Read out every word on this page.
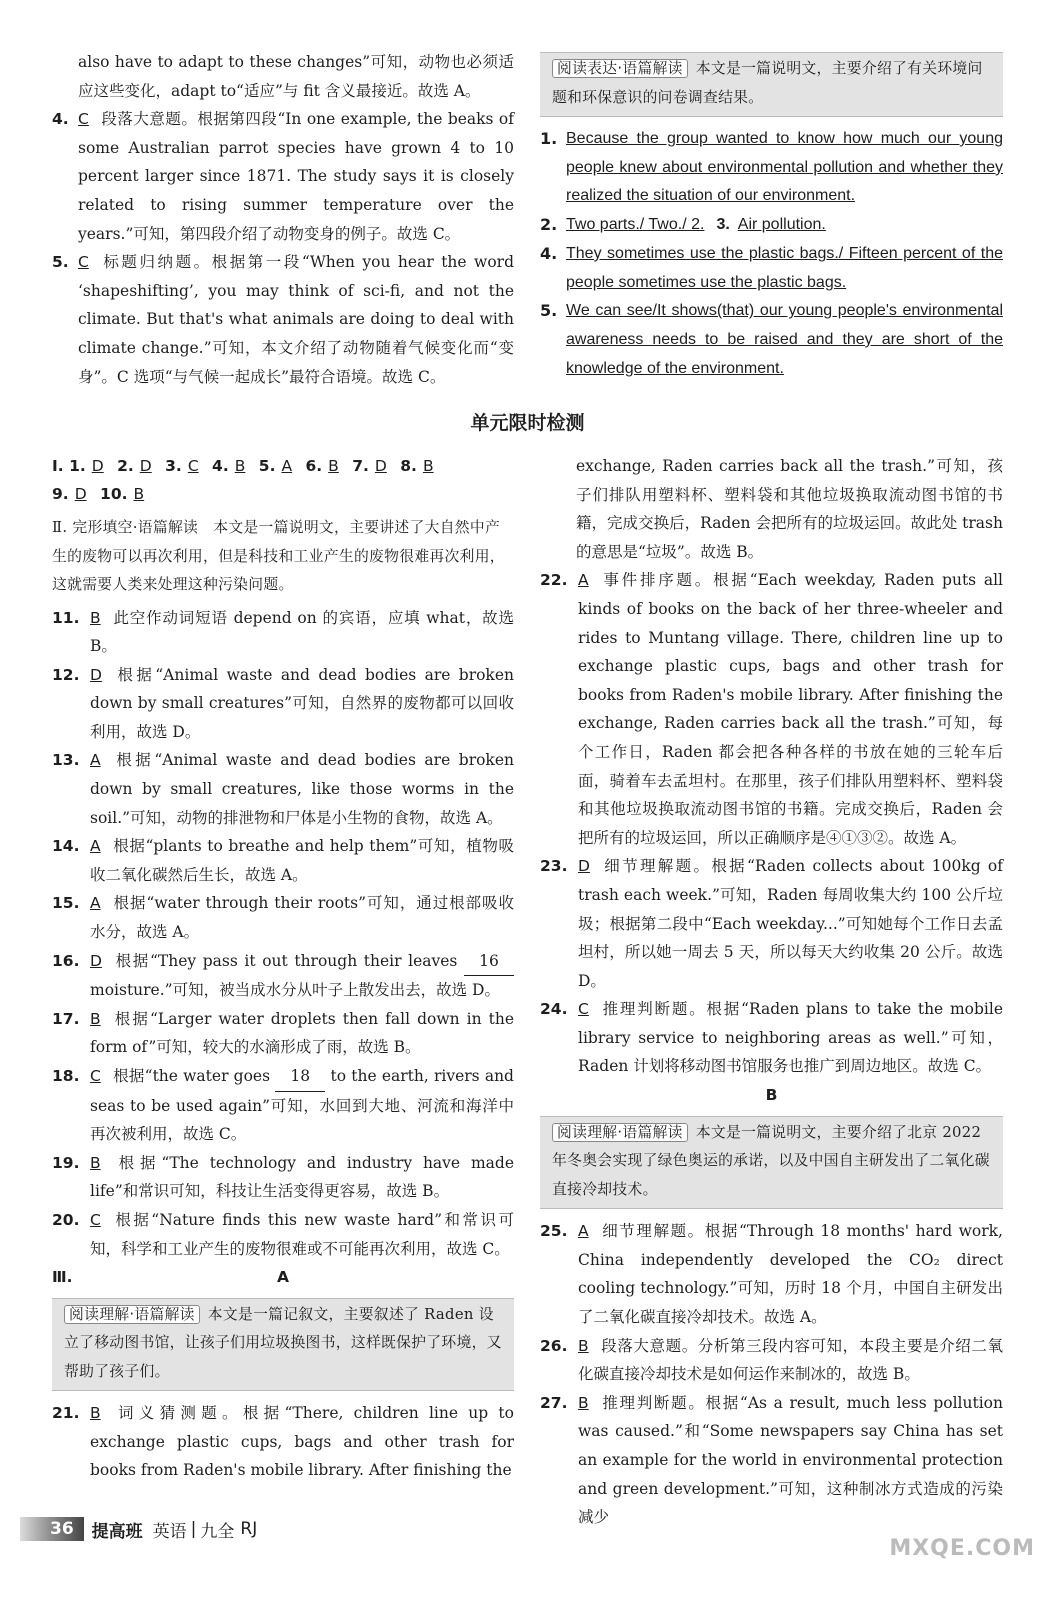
also have to adapt to these changes”可知，动物也必须适应这些变化，adapt to“适应”与 fit 含义最接近。故选 A。
4. C 段落大意题。根据第四段“In one example, the beaks of some Australian parrot species have grown 4 to 10 percent larger since 1871. The study says it is closely related to rising summer temperature over the years.”可知，第四段介绍了动物变身的例子。故选 C。
5. C 标题归纳题。根据第一段“When you hear the word ‘shapeshifting’, you may think of sci-fi, and not the climate. But that's what animals are doing to deal with climate change.”可知，本文介绍了动物随着气候变化而“变身”。C 选项“与气候一起成长”最符合语境。故选 C。
阅读表达·语篇解读 本文是一篇说明文，主要介绍了有关环境问题和环保意识的问卷调查结果。
1. Because the group wanted to know how much our young people knew about environmental pollution and whether they realized the situation of our environment.
2. Two parts./ Two./ 2. 3. Air pollution.
4. They sometimes use the plastic bags./ Fifteen percent of the people sometimes use the plastic bags.
5. We can see/It shows(that) our young people's environmental awareness needs to be raised and they are short of the knowledge of the environment.
单元限时检测
Ⅰ. 1. D 2. D 3. C 4. B 5. A 6. B 7. D 8. B
9. D 10. B
Ⅱ. 完形填空·语篇解读　本文是一篇说明文，主要讲述了大自然中产生的废物可以再次利用，但是科技和工业产生的废物很难再次利用，这就需要人类来处理这种污染问题。
11. B 此空作动词短语 depend on 的宾语，应填 what，故选 B。
12. D 根据“Animal waste and dead bodies are broken down by small creatures”可知，自然界的废物都可以回收利用，故选 D。
13. A 根据“Animal waste and dead bodies are broken down by small creatures, like those worms in the soil.”可知，动物的排泄物和尸体是小生物的食物，故选 A。
14. A 根据“plants to breathe and help them”可知，植物吸收二氧化碳然后生长，故选 A。
15. A 根据“water through their roots”可知，通过根部吸收水分，故选 A。
16. D 根据“They pass it out through their leaves 16 moisture.”可知，被当成水分从叶子上散发出去，故选 D。
17. B 根据“Larger water droplets then fall down in the form of”可知，较大的水滴形成了雨，故选 B。
18. C 根据“the water goes 18 to the earth, rivers and seas to be used again”可知，水回到大地、河流和海洋中再次被利用，故选 C。
19. B 根据“The technology and industry have made life”和常识可知，科技让生活变得更容易，故选 B。
20. C 根据“Nature finds this new waste hard”和常识可知，科学和工业产生的废物很难或不可能再次利用，故选 C。
Ⅲ.	A
阅读理解·语篇解读 本文是一篇记叙文，主要叙述了 Raden 设立了移动图书馆，让孩子们用垃圾换图书，这样既保护了环境，又帮助了孩子们。
21. B 词义猜测题。根据“There, children line up to exchange plastic cups, bags and other trash for books from Raden's mobile library. After finishing the
exchange, Raden carries back all the trash.”可知，孩子们排队用塑料杯、塑料袋和其他垃圾换取流动图书馆的书籍，完成交换后，Raden 会把所有的垃圾运回。故此处 trash 的意思是“垃圾”。故选 B。
22. A 事件排序题。根据“Each weekday, Raden puts all kinds of books on the back of her three-wheeler and rides to Muntang village. There, children line up to exchange plastic cups, bags and other trash for books from Raden's mobile library. After finishing the exchange, Raden carries back all the trash.”可知，每个工作日，Raden 都会把各种各样的书放在她的三轮车后面，骑着车去孟坦村。在那里，孩子们排队用塑料杯、塑料袋和其他垃圾换取流动图书馆的书籍。完成交换后，Raden 会把所有的垃圾运回，所以正确顺序是④①③②。故选 A。
23. D 细节理解题。根据“Raden collects about 100kg of trash each week.”可知，Raden 每周收集大约 100 公斤垃圾；根据第二段中“Each weekday...”可知她每个工作日去孟坦村，所以她一周去 5 天，所以每天大约收集 20 公斤。故选 D。
24. C 推理判断题。根据“Raden plans to take the mobile library service to neighboring areas as well.”可知，Raden 计划将移动图书馆服务也推广到周边地区。故选 C。
B
阅读理解·语篇解读 本文是一篇说明文，主要介绍了北京 2022 年冬奥会实现了绿色奥运的承诺，以及中国自主研发出了二氧化碳直接冷却技术。
25. A 细节理解题。根据“Through 18 months' hard work, China independently developed the CO₂ direct cooling technology.”可知，历时 18 个月，中国自主研发出了二氧化碳直接冷却技术。故选 A。
26. B 段落大意题。分析第三段内容可知，本段主要是介绍二氧化碳直接冷却技术是如何运作来制冰的，故选 B。
27. B 推理判断题。根据“As a result, much less pollution was caused.”和“Some newspapers say China has set an example for the world in environmental protection and green development.”可知，这种制冰方式造成的污染减少
36	提高班 英语 | 九全 RJ
MXQE.COM
